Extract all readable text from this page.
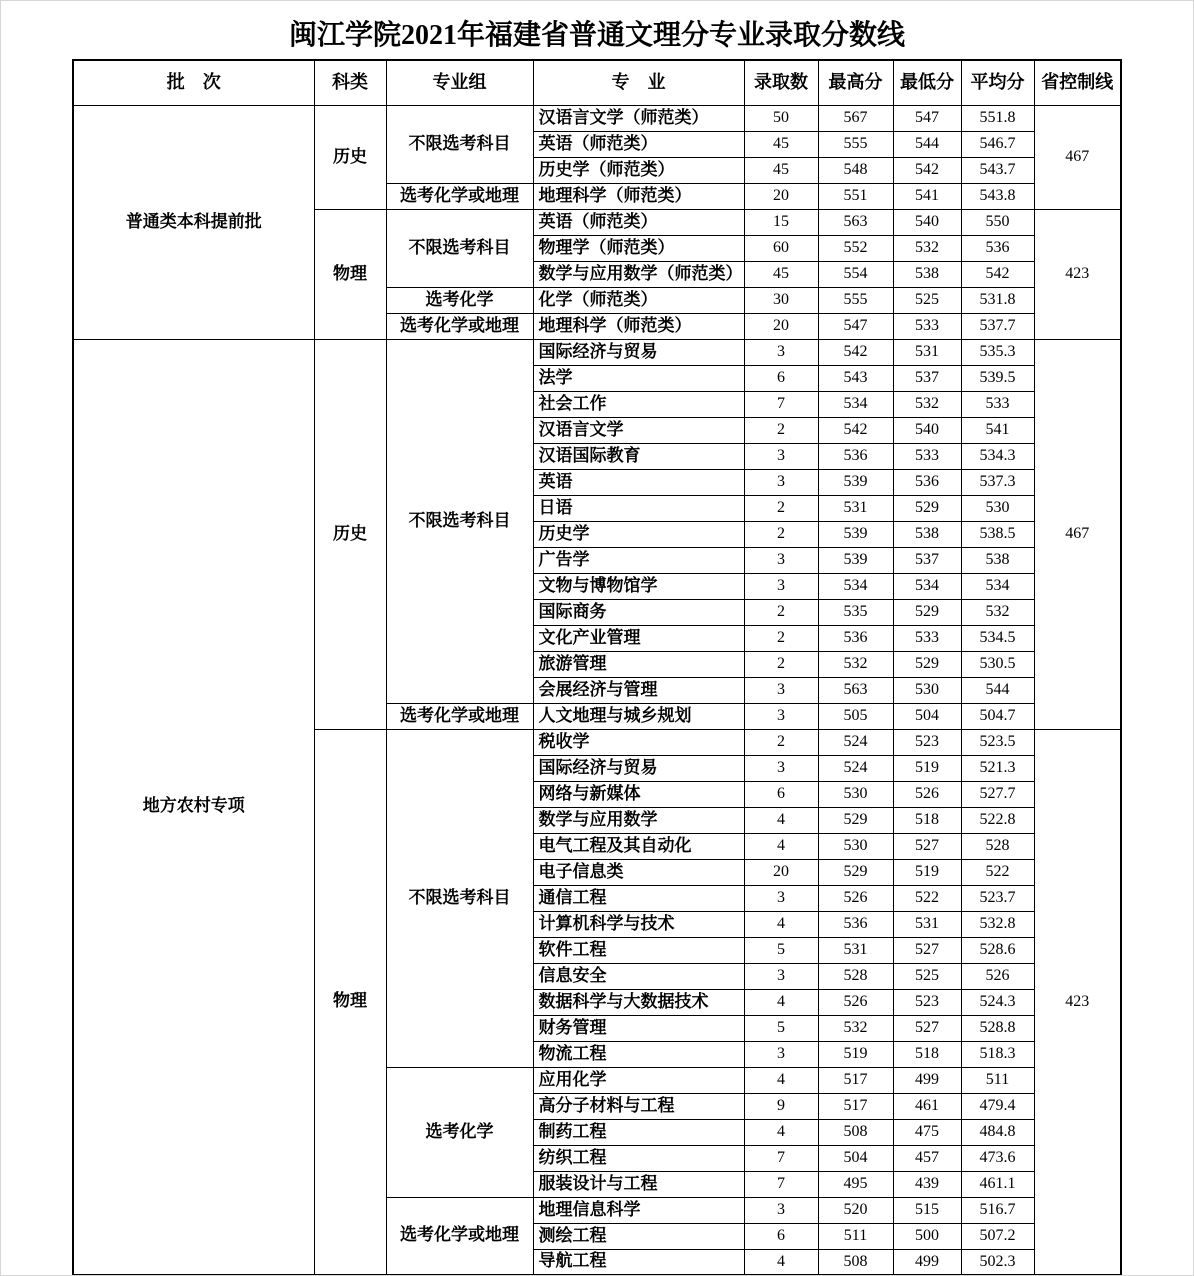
闽江学院2021年福建省普通文理分专业录取分数线
批　次	科类	专业组	专　业	录取数	最高分	最低分	平均分	省控制线
普通类本科提前批	历史	不限选考科目	汉语言文学（师范类）	50	567	547	551.8	467
			英语（师范类）	45	555	544	546.7	
			历史学（师范类）	45	548	542	543.7	
		选考化学或地理	地理科学（师范类）	20	551	541	543.8	
	物理	不限选考科目	英语（师范类）	15	563	540	550	423
			物理学（师范类）	60	552	532	536	
			数学与应用数学（师范类）	45	554	538	542	
		选考化学	化学（师范类）	30	555	525	531.8	
		选考化学或地理	地理科学（师范类）	20	547	533	537.7	
地方农村专项	历史	不限选考科目	国际经济与贸易	3	542	531	535.3	467
			法学	6	543	537	539.5	
			社会工作	7	534	532	533	
			汉语言文学	2	542	540	541	
			汉语国际教育	3	536	533	534.3	
			英语	3	539	536	537.3	
			日语	2	531	529	530	
			历史学	2	539	538	538.5	
			广告学	3	539	537	538	
			文物与博物馆学	3	534	534	534	
			国际商务	2	535	529	532	
			文化产业管理	2	536	533	534.5	
			旅游管理	2	532	529	530.5	
			会展经济与管理	3	563	530	544	
		选考化学或地理	人文地理与城乡规划	3	505	504	504.7	
	物理	不限选考科目	税收学	2	524	523	523.5	423
			国际经济与贸易	3	524	519	521.3	
			网络与新媒体	6	530	526	527.7	
			数学与应用数学	4	529	518	522.8	
			电气工程及其自动化	4	530	527	528	
			电子信息类	20	529	519	522	
			通信工程	3	526	522	523.7	
			计算机科学与技术	4	536	531	532.8	
			软件工程	5	531	527	528.6	
			信息安全	3	528	525	526	
			数据科学与大数据技术	4	526	523	524.3	
			财务管理	5	532	527	528.8	
			物流工程	3	519	518	518.3	
		选考化学	应用化学	4	517	499	511	
			高分子材料与工程	9	517	461	479.4	
			制药工程	4	508	475	484.8	
			纺织工程	7	504	457	473.6	
			服装设计与工程	7	495	439	461.1	
		选考化学或地理	地理信息科学	3	520	515	516.7	
			测绘工程	6	511	500	507.2	
			导航工程	4	508	499	502.3	
